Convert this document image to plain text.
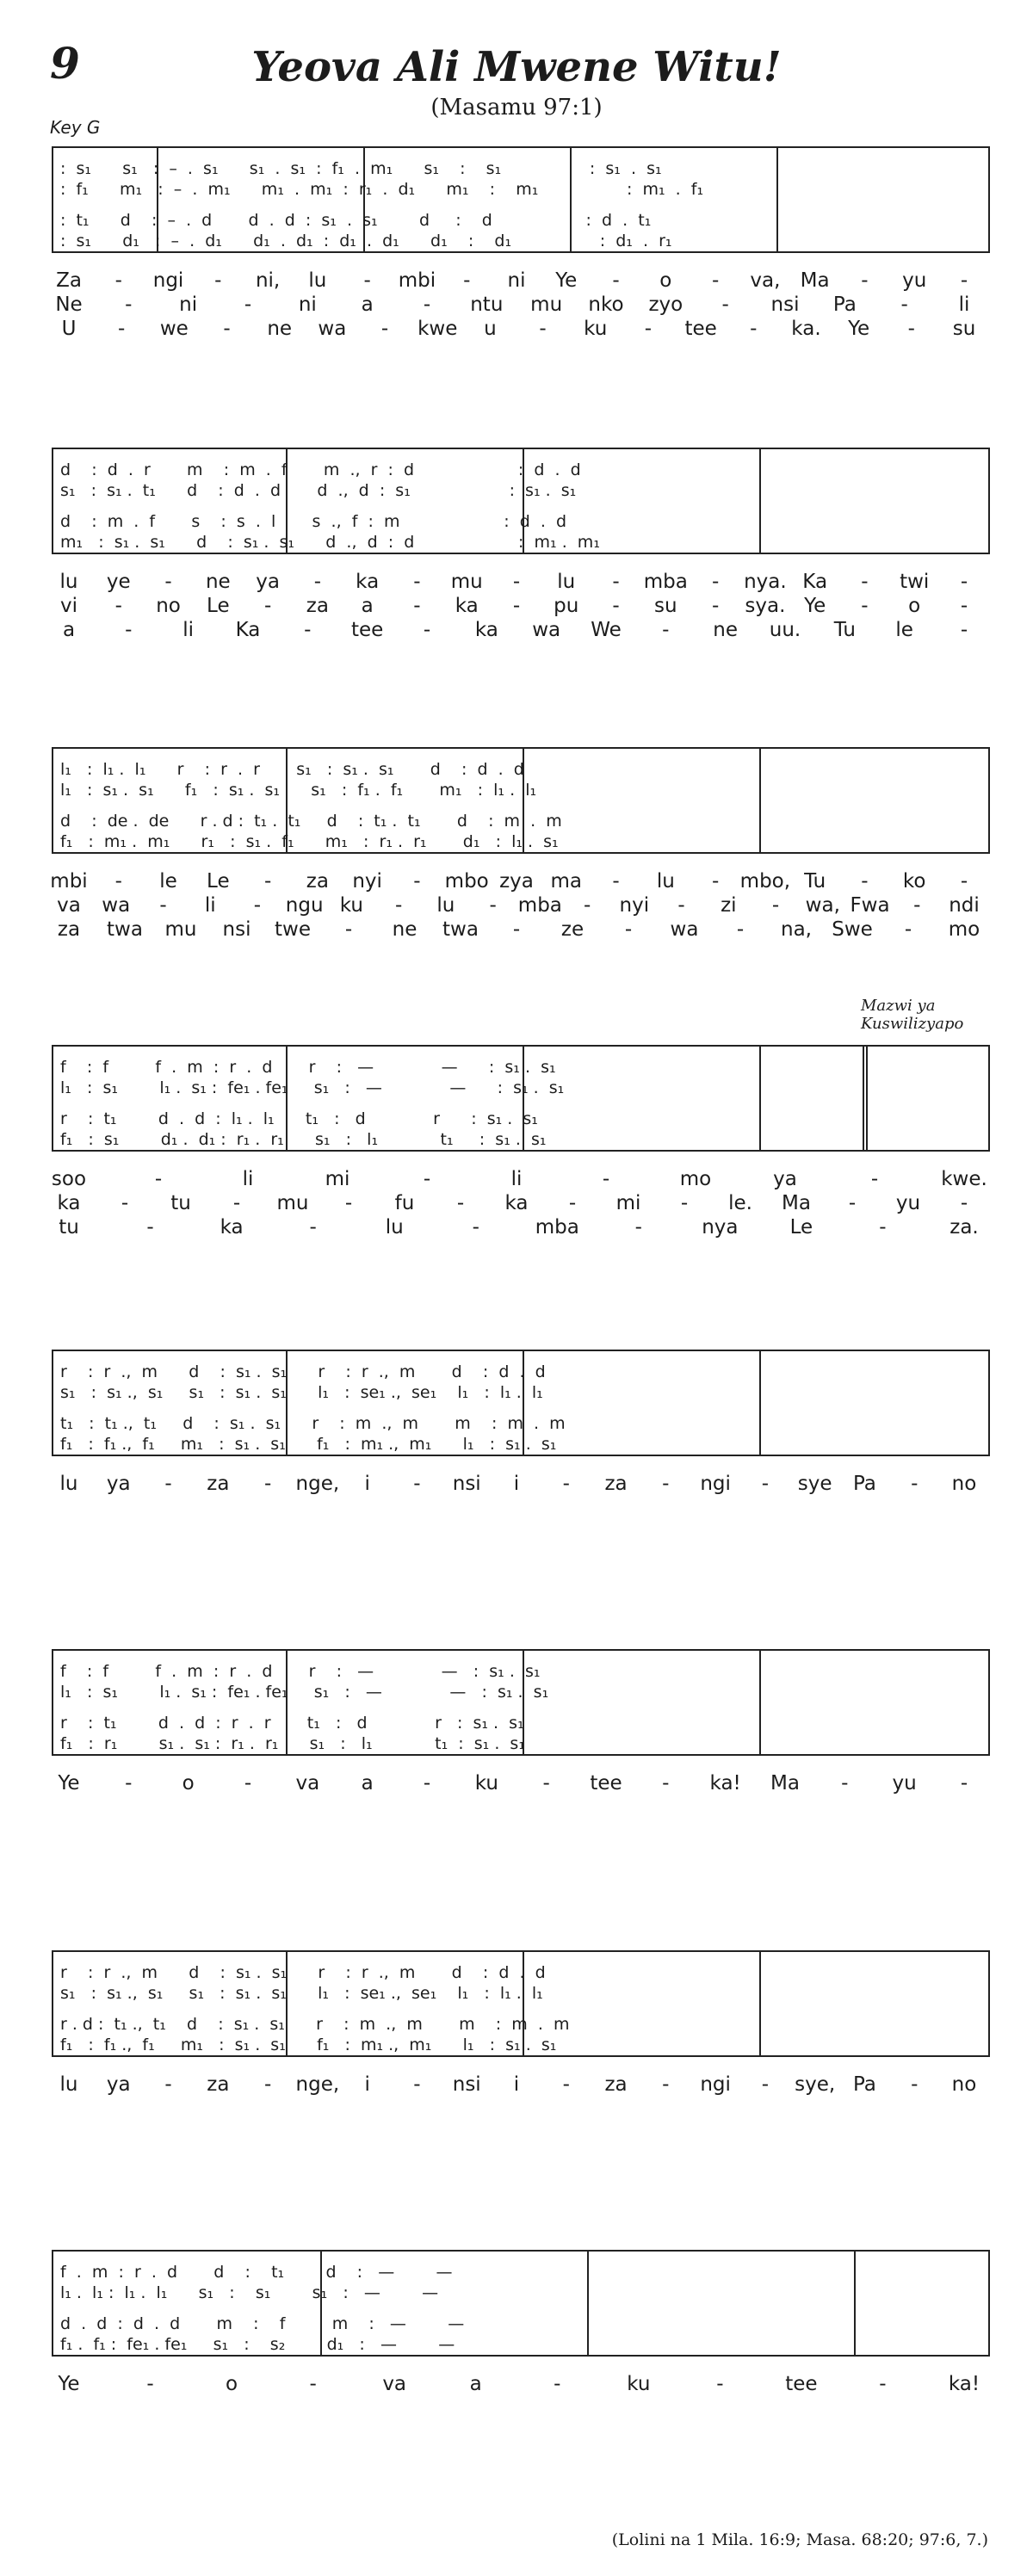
9	Yeova Ali Mwene Witu!
(Masamu 97:1)
Key G
Mazwi ya
Kuswilizyapo
(Lolini na 1 Mila. 16:9; Masa. 68:20; 97:6, 7.)
:  s₁      s₁   :  –  .  s₁      s₁  .  s₁  :  f₁  .  m₁      s₁    :    s₁                 :  s₁  .  s₁
:  f₁      m₁   :  –  .  m₁      m₁  .  m₁  :  r₁  .  d₁      m₁    :    m₁                 :  m₁  .  f₁
:  t₁      d    :  –  .  d       d  .  d  :  s₁  .  s₁        d     :    d                  :  d  .  t₁
:  s₁      d₁   :  –  .  d₁      d₁  .  d₁  :  d₁  .  d₁      d₁    :    d₁                 :  d₁  .  r₁
Za - ngi - ni, lu - mbi - ni Ye - o - va, Ma - yu -
Ne - ni - ni a	- ntu mu nko zyo - nsi Pa -	li
U - we - ne wa - kwe u - ku - tee - ka. Ye - su
d    :  d  .  r       m    :  m  .  f       m  .,  r  :  d                    :  d  .  d
s₁   :  s₁ .  t₁      d    :  d  .  d       d  .,  d  :  s₁                   :  s₁ .  s₁
d    :  m  .  f       s    :  s  .  l       s  .,  f  :  m                    :  d  .  d
m₁   :  s₁ .  s₁      d    :  s₁ .  s₁      d  .,  d  :  d                    :  m₁ .  m₁
lu ye - ne ya - ka - mu - lu - mba - nya. Ka - twi -
vi - no Le - za a - ka - pu - su - sya. Ye - o -
a	-	li Ka - tee - ka wa We - ne uu. Tu le -
l₁   :  l₁ .  l₁      r    :  r  .  r       s₁   :  s₁ .  s₁       d    :  d  .  d
l₁   :  s₁ .  s₁      f₁   :  s₁ .  s₁      s₁   :  f₁ .  f₁       m₁   :  l₁ .  l₁
d    :  de .  de      r . d :  t₁ .  t₁     d    :  t₁ .  t₁       d    :  m  .  m
f₁   :  m₁ .  m₁      r₁   :  s₁ .  f₁      m₁   :  r₁ .  r₁       d₁   :  l₁ .  s₁
mbi - le Le - za nyi - mbo zya ma - lu - mbo, Tu - ko -
va wa - li - ngu ku - lu - mba - nyi - zi - wa, Fwa - ndi
za twa mu nsi twe - ne twa - ze - wa - na, Swe - mo
f    :  f         f  .  m  :  r  .  d       r    :   —             —      :  s₁ .  s₁
l₁   :  s₁        l₁ .  s₁ :  fe₁ . fe₁     s₁   :   —             —      :  s₁ .  s₁
r    :  t₁        d  .  d  :  l₁ .  l₁      t₁   :   d             r      :  s₁ .  s₁
f₁   :  s₁        d₁ .  d₁ :  r₁ .  r₁      s₁   :   l₁            t₁     :  s₁ .  s₁
soo	-	li	mi	-	li	-	mo	ya	-	kwe.
ka - tu - mu - fu - ka - mi - le. Ma - yu -
tu	-	ka	-	lu	-	mba	-	nya	Le	-	za.
r    :  r  .,  m      d    :  s₁ .  s₁      r    :  r  .,  m       d    :  d  .  d
s₁   :  s₁ .,  s₁     s₁   :  s₁ .  s₁      l₁   :  se₁ .,  se₁    l₁   :  l₁ .  l₁
t₁   :  t₁ .,  t₁     d    :  s₁ .  s₁      r    :  m  .,  m       m    :  m  .  m
f₁   :  f₁ .,  f₁     m₁   :  s₁ .  s₁      f₁   :  m₁ .,  m₁      l₁   :  s₁ .  s₁
lu ya - za - nge, i - nsi i - za - ngi - sye Pa - no
f    :  f         f  .  m  :  r  .  d       r    :   —             —   :  s₁ .  s₁
l₁   :  s₁        l₁ .  s₁ :  fe₁ . fe₁     s₁   :   —             —   :  s₁ .  s₁
r    :  t₁        d  .  d  :  r  .  r       t₁   :   d             r   :  s₁ .  s₁
f₁   :  r₁        s₁ .  s₁ :  r₁ .  r₁      s₁   :   l₁            t₁  :  s₁ .  s₁
Ye -	o	- va a	- ku - tee - ka! Ma - yu -
r    :  r  .,  m      d    :  s₁ .  s₁      r    :  r  .,  m       d    :  d  .  d
s₁   :  s₁ .,  s₁     s₁   :  s₁ .  s₁      l₁   :  se₁ .,  se₁    l₁   :  l₁ .  l₁
r . d :  t₁ .,  t₁    d    :  s₁ .  s₁      r    :  m  .,  m       m    :  m  .  m
f₁   :  f₁ .,  f₁     m₁   :  s₁ .  s₁      f₁   :  m₁ .,  m₁      l₁   :  s₁ .  s₁
lu ya - za - nge, i - nsi i - za - ngi - sye, Pa - no
f  .  m  :  r  .  d       d    :    t₁        d    :   —        —
l₁ .  l₁ :  l₁ .  l₁      s₁   :    s₁        s₁   :   —        —
d  .  d  :  d  .  d       m    :    f         m    :   —        —
f₁ .  f₁ :  fe₁ . fe₁     s₁   :    s₂        d₁   :   —        —
Ye	-	o	-	va	a	-	ku	-	tee	-	ka!
